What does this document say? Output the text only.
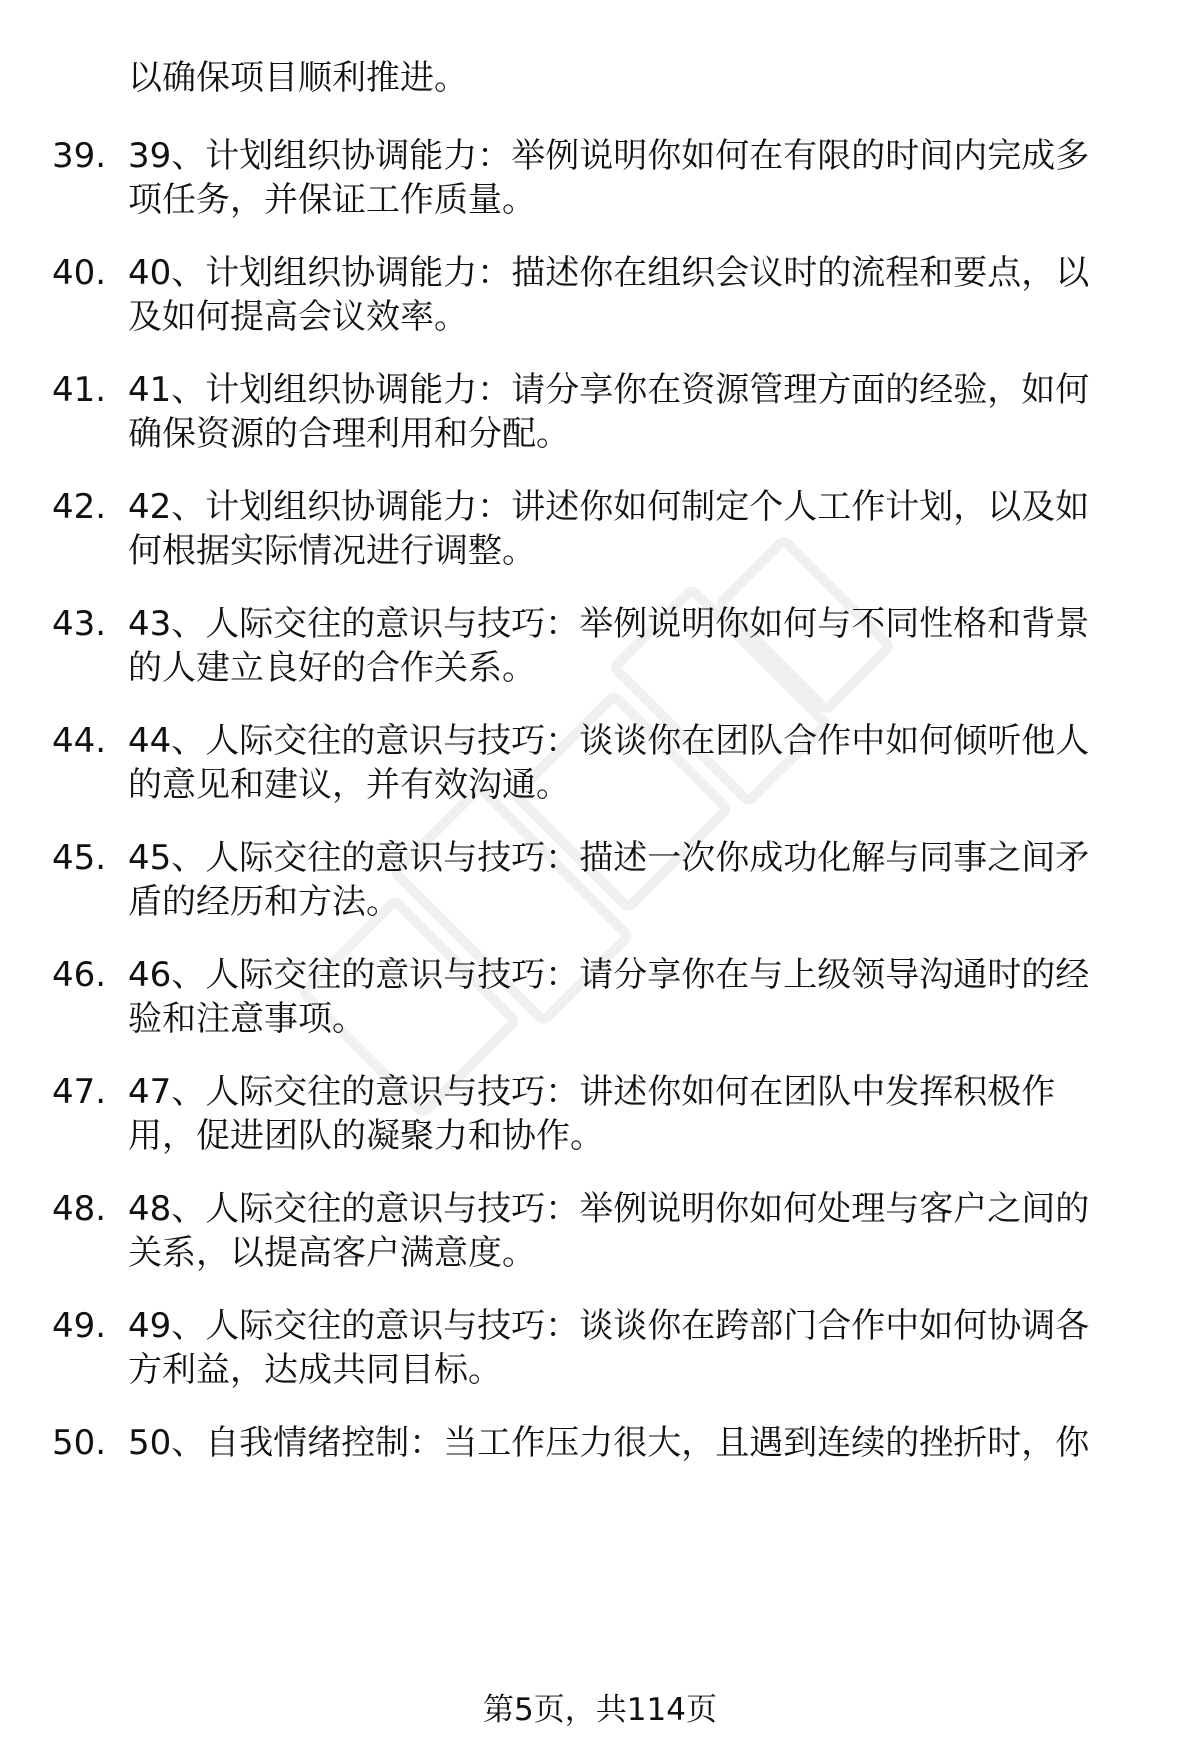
以确保项目顺利推进。
39. 39、计划组织协调能力：举例说明你如何在有限的时间内完成多
项任务，并保证工作质量。
40. 40、计划组织协调能力：描述你在组织会议时的流程和要点，以
及如何提高会议效率。
41. 41、计划组织协调能力：请分享你在资源管理方面的经验，如何
确保资源的合理利用和分配。
42. 42、计划组织协调能力：讲述你如何制定个人工作计划，以及如
何根据实际情况进行调整。
43. 43、人际交往的意识与技巧：举例说明你如何与不同性格和背景
的人建立良好的合作关系。
44. 44、人际交往的意识与技巧：谈谈你在团队合作中如何倾听他人
的意见和建议，并有效沟通。
45. 45、人际交往的意识与技巧：描述一次你成功化解与同事之间矛
盾的经历和方法。
46. 46、人际交往的意识与技巧：请分享你在与上级领导沟通时的经
验和注意事项。
47. 47、人际交往的意识与技巧：讲述你如何在团队中发挥积极作
用，促进团队的凝聚力和协作。
48. 48、人际交往的意识与技巧：举例说明你如何处理与客户之间的
关系，以提高客户满意度。
49. 49、人际交往的意识与技巧：谈谈你在跨部门合作中如何协调各
方利益，达成共同目标。
50. 50、自我情绪控制：当工作压力很大，且遇到连续的挫折时，你
第5页，共114页
